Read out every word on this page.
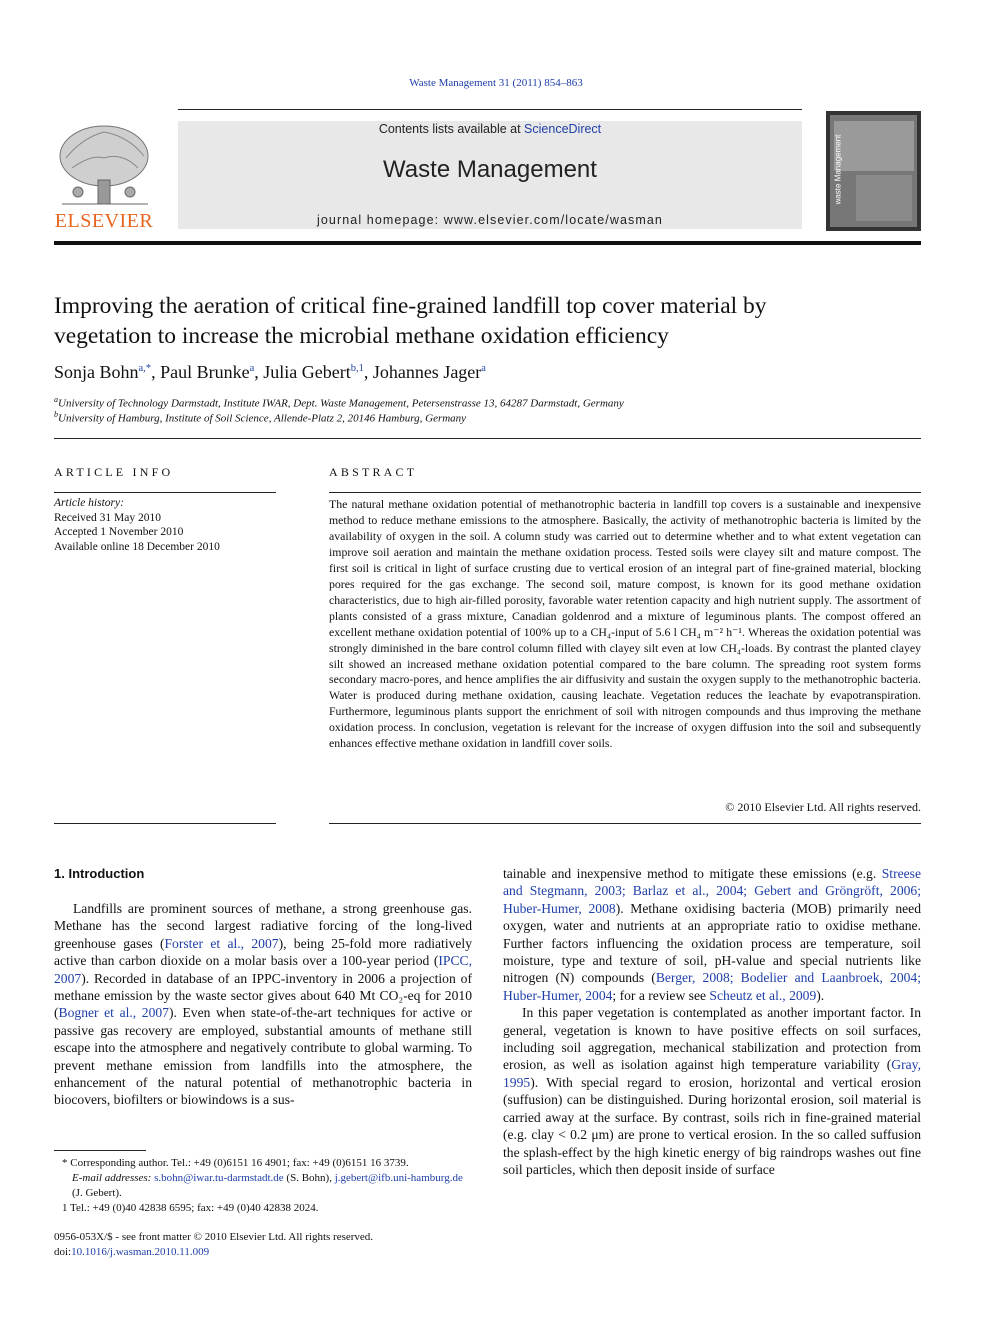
Waste Management 31 (2011) 854–863
ELSEVIER
Contents lists available at ScienceDirect
Waste Management
journal homepage: www.elsevier.com/locate/wasman
waste Management
Improving the aeration of critical fine-grained landfill top cover material by
vegetation to increase the microbial methane oxidation efficiency
Sonja Bohn$^{a,*}$, Paul Brunke$^a$, Julia Gebert$^{b,1}$, Johannes Jager$^a$
$^a$University of Technology Darmstadt, Institute IWAR, Dept. Waste Management, Petersenstrasse 13, 64287 Darmstadt, Germany
$^b$University of Hamburg, Institute of Soil Science, Allende-Platz 2, 20146 Hamburg, Germany
ARTICLE INFO
Article history:
Received 31 May 2010
Accepted 1 November 2010
Available online 18 December 2010
ABSTRACT

The natural methane oxidation potential of methanotrophic bacteria in landfill top covers is a sustainable and inexpensive method to reduce methane emissions to the atmosphere. Basically, the activity of methanotrophic bacteria is limited by the availability of oxygen in the soil. A column study was carried out to determine whether and to what extent vegetation can improve soil aeration and maintain the methane oxidation process. Tested soils were clayey silt and mature compost. The first soil is critical in light of surface crusting due to vertical erosion of an integral part of fine-grained material, blocking pores required for the gas exchange. The second soil, mature compost, is known for its good methane oxidation characteristics, due to high air-filled porosity, favorable water retention capacity and high nutrient supply. The assortment of plants consisted of a grass mixture, Canadian goldenrod and a mixture of leguminous plants. The compost offered an excellent methane oxidation potential of 100% up to a CH₄-input of 5.6 l CH₄ m⁻² h⁻¹. Whereas the oxidation potential was strongly diminished in the bare control column filled with clayey silt even at low CH₄-loads. By contrast the planted clayey silt showed an increased methane oxidation potential compared to the bare column. The spreading root system forms secondary macro-pores, and hence amplifies the air diffusivity and sustain the oxygen supply to the methanotrophic bacteria. Water is produced during methane oxidation, causing leachate. Vegetation reduces the leachate by evapotranspiration. Furthermore, leguminous plants support the enrichment of soil with nitrogen compounds and thus improving the methane oxidation process. In conclusion, vegetation is relevant for the increase of oxygen diffusion into the soil and subsequently enhances effective methane oxidation in landfill cover soils.

© 2010 Elsevier Ltd. All rights reserved.
1. Introduction

Landfills are prominent sources of methane, a strong greenhouse gas. Methane has the second largest radiative forcing of the long-lived greenhouse gases (Forster et al., 2007), being 25-fold more radiatively active than carbon dioxide on a molar basis over a 100-year period (IPCC, 2007). Recorded in database of an IPPC-inventory in 2006 a projection of methane emission by the waste sector gives about 640 Mt CO₂-eq for 2010 (Bogner et al., 2007). Even when state-of-the-art techniques for active or passive gas recovery are employed, substantial amounts of methane still escape into the atmosphere and negatively contribute to global warming. To prevent methane emission from landfills into the atmosphere, the enhancement of the natural potential of methanotrophic bacteria in biocovers, biofilters or biowindows is a sus-

tainable and inexpensive method to mitigate these emissions (e.g. Streese and Stegmann, 2003; Barlaz et al., 2004; Gebert and Gröngröft, 2006; Huber-Humer, 2008). Methane oxidising bacteria (MOB) primarily need oxygen, water and nutrients at an appropriate ratio to oxidise methane. Further factors influencing the oxidation process are temperature, soil moisture, type and texture of soil, pH-value and special nutrients like nitrogen (N) compounds (Berger, 2008; Bodelier and Laanbroek, 2004; Huber-Humer, 2004; for a review see Scheutz et al., 2009).

In this paper vegetation is contemplated as another important factor. In general, vegetation is known to have positive effects on soil surfaces, including soil aggregation, mechanical stabilization and protection from erosion, as well as isolation against high temperature variability (Gray, 1995). With special regard to erosion, horizontal and vertical erosion (suffusion) can be distinguished. During horizontal erosion, soil material is carried away at the surface. By contrast, soils rich in fine-grained material (e.g. clay < 0.2 μm) are prone to vertical erosion. In the so called suffusion the splash-effect by the high kinetic energy of big raindrops washes out fine soil particles, which then deposit inside of surface

* Corresponding author. Tel.: +49 (0)6151 16 4901; fax: +49 (0)6151 16 3739.
E-mail addresses: s.bohn@iwar.tu-darmstadt.de (S. Bohn), j.gebert@ifb.uni-hamburg.de (J. Gebert).
1 Tel.: +49 (0)40 42838 6595; fax: +49 (0)40 42838 2024.
0956-053X/$ - see front matter © 2010 Elsevier Ltd. All rights reserved.
doi:10.1016/j.wasman.2010.11.009
